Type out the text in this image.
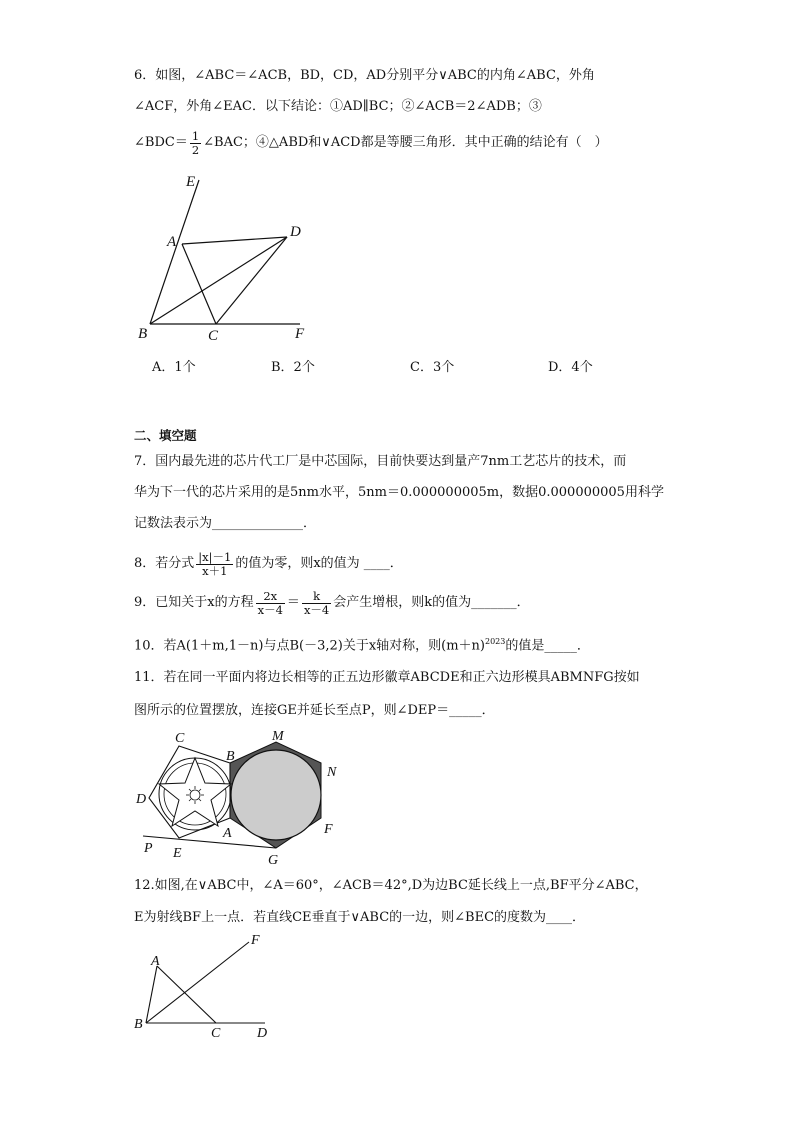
6．如图，∠ABC＝∠ACB，BD，CD，AD分别平分∨ABC的内角∠ABC，外角
∠ACF，外角∠EAC．以下结论：①AD∥BC；②∠ACB＝2∠ADB；③
∠BDC＝ $\frac{1}{2}$ ∠BAC；④△ABD和∨ACD都是等腰三角形．其中正确的结论有（　）
E
A
D
B	C	F
A．1个	B．2个	C．3个	D．4个
二、填空题
7．国内最先进的芯片代工厂是中芯国际，目前快要达到量产7nm工艺芯片的技术，而
华为下一代的芯片采用的是5nm水平，5nm＝0.000000005m，数据0.000000005用科学
记数法表示为______________．
8．若分式 $\frac{|x|-1}{x+1}$ 的值为零，则x的值为 ____．
9．已知关于x的方程 $\frac{2x}{x-4} = \frac{k}{x-4}$ 会产生增根，则k的值为_______．
10．若A(1＋m,1－n)与点B(－3,2)关于x轴对称，则$(m+n)^{2023}$的值是_____．
11．若在同一平面内将边长相等的正五边形徽章ABCDE和正六边形模具ABMNFG按如
图所示的位置摆放，连接GE并延长至点P，则∠DEP＝_____．
C
B
M
N
D
F
A
P E	G
12.如图,在∨ABC中，∠A＝60°，∠ACB＝42°,D为边BC延长线上一点,BF平分∠ABC，
E为射线BF上一点．若直线CE垂直于∨ABC的一边，则∠BEC的度数为____．
F
A
B
C	D
